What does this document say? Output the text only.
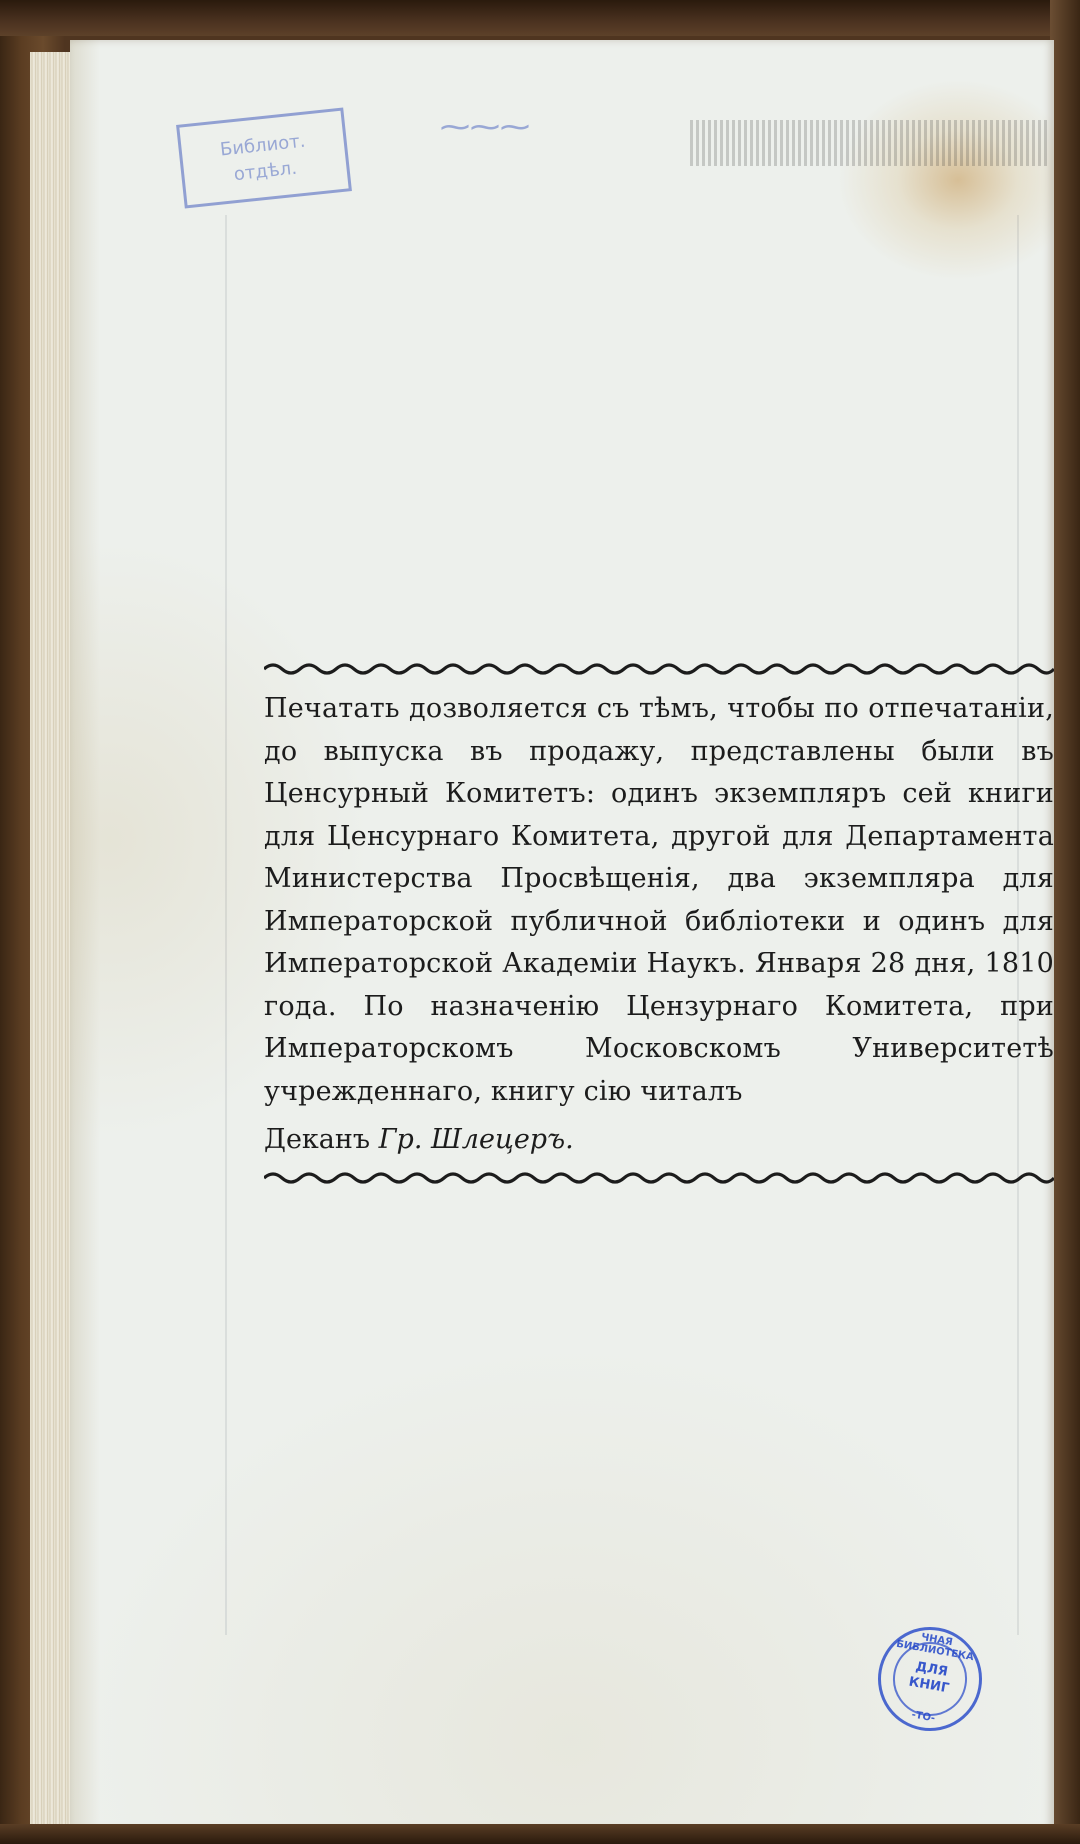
Библиот.
отдѣл.
⁓⁓⁓
Печатать дозволяется съ тѣмъ, чтобы по отпечатаніи, до выпуска въ продажу, представлены были въ Ценсурный Комитетъ: одинъ экземпляръ сей книги для Ценсурнаго Комитета, другой для Департамента Министерства Просвѣщенія, два экземпляра для Императорской публичной библіотеки и одинъ для Императорской Академіи Наукъ. Января 28 дня, 1810 года. По назначенію Цензурнаго Комитета, при Императорскомъ Московскомъ Университетѣ учрежденнаго, книгу сію читалъ
Деканъ Гр. Шлецеръ.
ЧНАЯ БИБЛИОТЕКА
ДЛЯ
КНИГ
-ТО-
